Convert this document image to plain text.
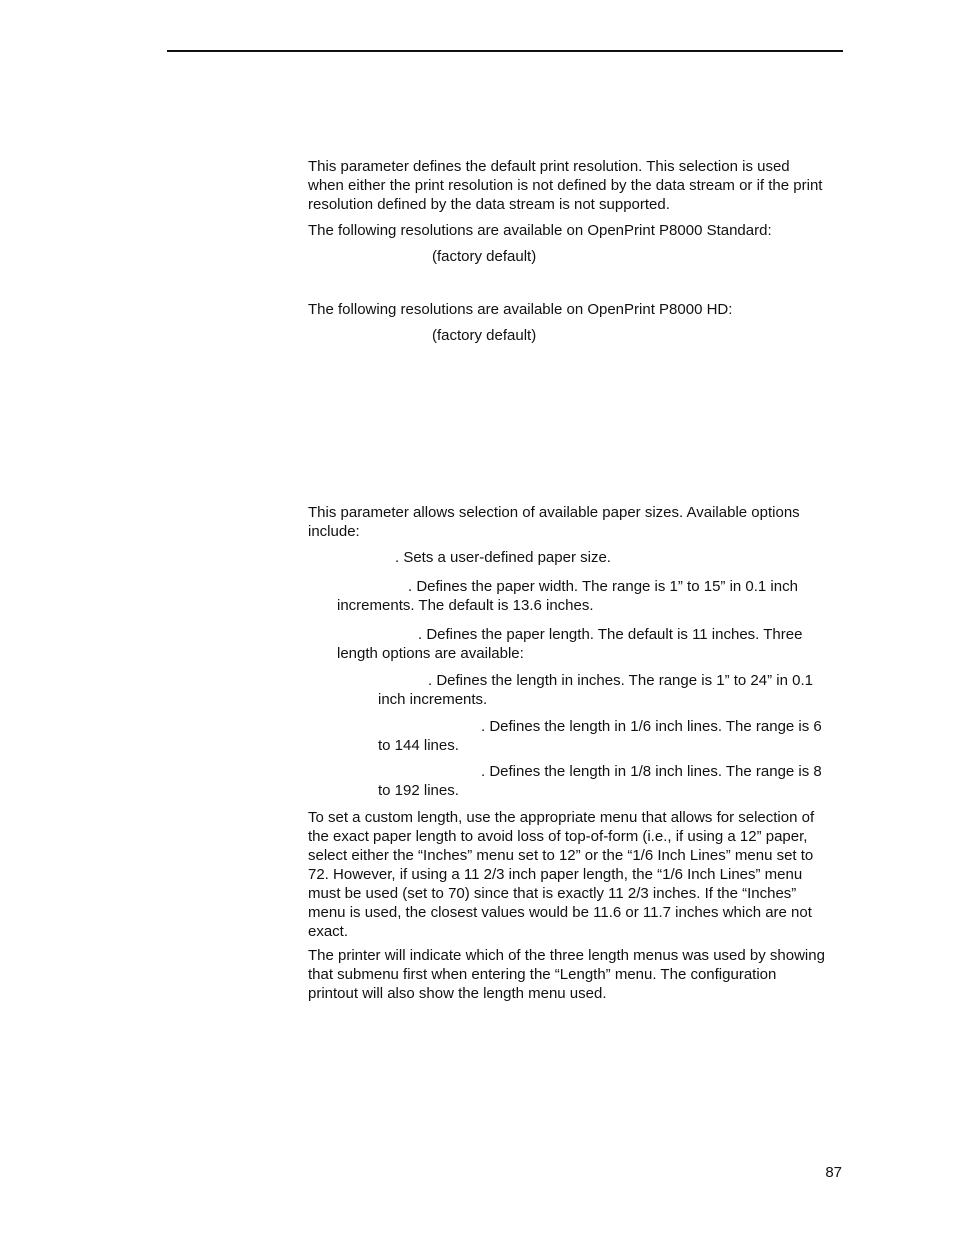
This parameter defines the default print resolution. This selection is used
when either the print resolution is not defined by the data stream or if the print
resolution defined by the data stream is not supported.
The following resolutions are available on OpenPrint P8000 Standard:
(factory default)
The following resolutions are available on OpenPrint P8000 HD:
(factory default)
This parameter allows selection of available paper sizes. Available options
include:
. Sets a user-defined paper size.
. Defines the paper width. The range is 1” to 15” in 0.1 inch
increments. The default is 13.6 inches.
. Defines the paper length. The default is 11 inches. Three
length options are available:
. Defines the length in inches. The range is 1” to 24” in 0.1
inch increments.
. Defines the length in 1/6 inch lines. The range is 6
to 144 lines.
. Defines the length in 1/8 inch lines. The range is 8
to 192 lines.
To set a custom length, use the appropriate menu that allows for selection of
the exact paper length to avoid loss of top-of-form (i.e., if using a 12” paper,
select either the “Inches” menu set to 12” or the “1/6 Inch Lines” menu set to
72. However, if using a 11 2/3 inch paper length, the “1/6 Inch Lines” menu
must be used (set to 70) since that is exactly 11 2/3 inches. If the “Inches”
menu is used, the closest values would be 11.6 or 11.7 inches which are not
exact.
The printer will indicate which of the three length menus was used by showing
that submenu first when entering the “Length” menu. The configuration
printout will also show the length menu used.
87
